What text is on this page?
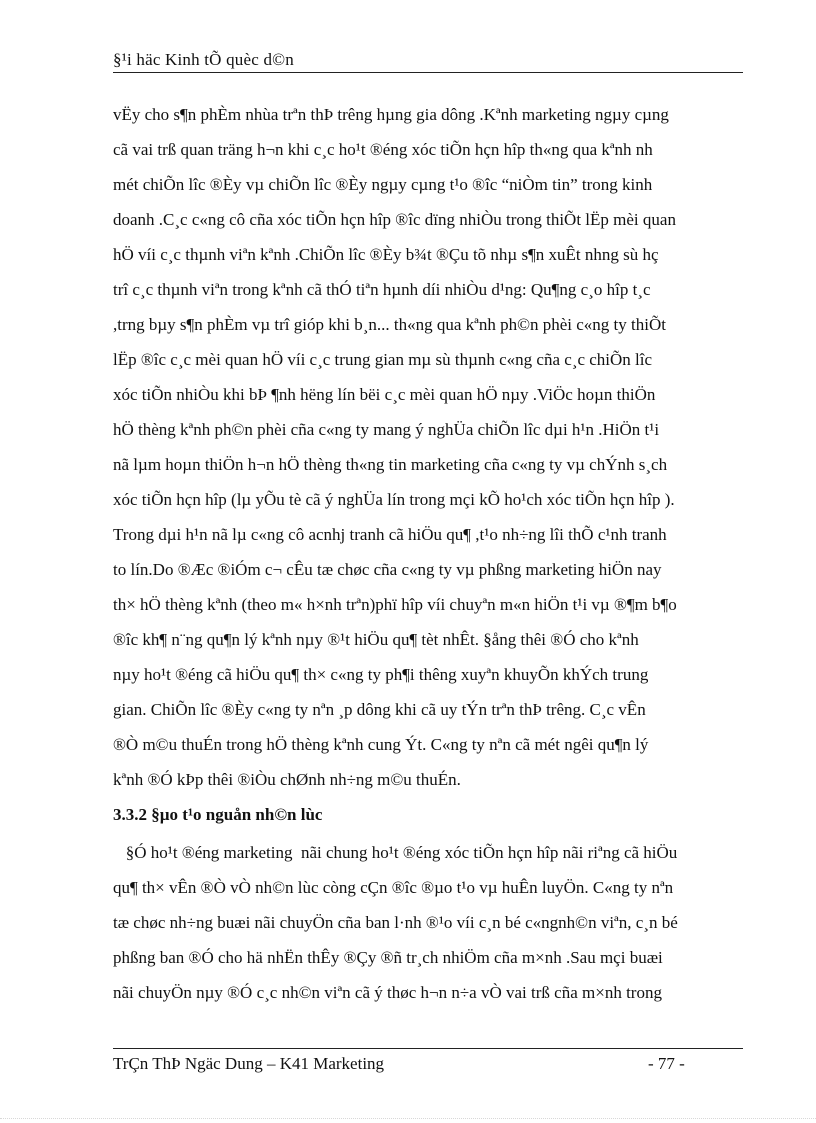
§¹i häc Kinh tÕ quèc d©n
vËy cho s¶n phÈm nhùa trªn thÞ trêng hµng gia dông .Kªnh marketing ngµy cµng
cã vai trß quan träng h¬n khi c¸c ho¹t ®éng xóc tiÕn hçn hîp th«ng qua kªnh nh
mét chiÕn lîc ®Èy vµ chiÕn lîc ®Èy ngµy cµng t¹o ®îc “niÒm tin” trong kinh
doanh .C¸c c«ng cô cña xóc tiÕn hçn hîp ®îc dïng nhiÒu trong thiÕt lËp mèi quan
hÖ víi c¸c thµnh viªn kªnh .ChiÕn lîc ®Èy b¾t ®Çu tõ nhµ s¶n xuÊt nhng sù hç
trî c¸c thµnh viªn trong kªnh cã thÓ tiªn hµnh díi nhiÒu d¹ng: Qu¶ng c¸o hîp t¸c
,trng bµy s¶n phÈm vµ trî gióp khi b¸n... th«ng qua kªnh ph©n phèi c«ng ty thiÕt
lËp ®îc c¸c mèi quan hÖ víi c¸c trung gian mµ sù thµnh c«ng cña c¸c chiÕn lîc
xóc tiÕn nhiÒu khi bÞ ¶nh hëng lín bëi c¸c mèi quan hÖ nµy .ViÖc hoµn thiÖn
hÖ thèng kªnh ph©n phèi cña c«ng ty mang ý nghÜa chiÕn lîc dµi h¹n .HiÖn t¹i
nã lµm hoµn thiÖn h¬n hÖ thèng th«ng tin marketing cña c«ng ty vµ chÝnh s¸ch
xóc tiÕn hçn hîp (lµ yÕu tè cã ý nghÜa lín trong mçi kÕ ho¹ch xóc tiÕn hçn hîp ).
Trong dµi h¹n nã lµ c«ng cô acnhj tranh cã hiÖu qu¶ ,t¹o nh÷ng lîi thÕ c¹nh tranh
to lín.Do ®Æc ®iÓm c¬ cÊu tæ chøc cña c«ng ty vµ phßng marketing hiÖn nay
th× hÖ thèng kªnh (theo m« h×nh trªn)phï hîp víi chuyªn m«n hiÖn t¹i vµ ®¶m b¶o
®îc kh¶ n¨ng qu¶n lý kªnh nµy ®¹t hiÖu qu¶ tèt nhÊt. §ång thêi ®Ó cho kªnh
nµy ho¹t ®éng cã hiÖu qu¶ th× c«ng ty ph¶i thêng xuyªn khuyÕn khÝch trung
gian. ChiÕn lîc ®Èy c«ng ty nªn ¸p dông khi cã uy tÝn trªn thÞ trêng. C¸c vÊn
®Ò m©u thuÉn trong hÖ thèng kªnh cung Ýt. C«ng ty nªn cã mét ngêi qu¶n lý
kªnh ®Ó kÞp thêi ®iÒu chØnh nh÷ng m©u thuÉn.
3.3.2 §µo t¹o nguån nh©n lùc
§Ó ho¹t ®éng marketing  nãi chung ho¹t ®éng xóc tiÕn hçn hîp nãi riªng cã hiÖu
qu¶ th× vÊn ®Ò vÒ nh©n lùc còng cÇn ®îc ®µo t¹o vµ huÊn luyÖn. C«ng ty nªn
tæ chøc nh÷ng buæi nãi chuyÖn cña ban l·nh ®¹o víi c¸n bé c«ngnh©n viªn, c¸n bé
phßng ban ®Ó cho hä nhËn thÊy ®Çy ®ñ tr¸ch nhiÖm cña m×nh .Sau mçi buæi
nãi chuyÖn nµy ®Ó c¸c nh©n viªn cã ý thøc h¬n n÷a vÒ vai trß cña m×nh trong
TrÇn ThÞ Ngäc Dung – K41 Marketing	- 77 -
